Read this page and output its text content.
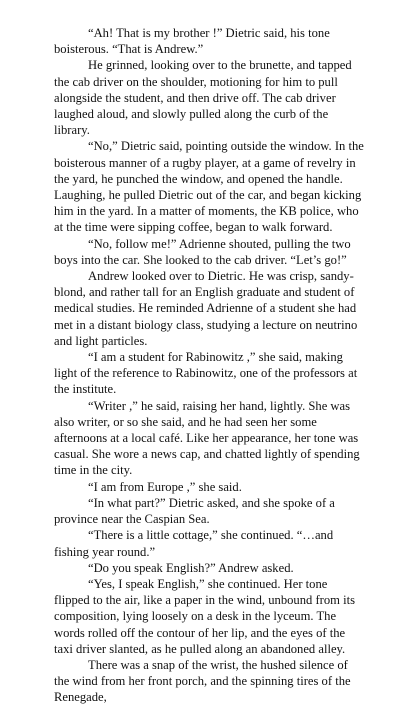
“Ah! That is my brother !” Dietric said, his tone boisterous. “That is Andrew.”

He grinned, looking over to the brunette, and tapped the cab driver on the shoulder, motioning for him to pull alongside the student, and then drive off. The cab driver laughed aloud, and slowly pulled along the curb of the library.

“No,” Dietric said, pointing outside the window. In the boisterous manner of a rugby player, at a game of revelry in the yard, he punched the window, and opened the handle. Laughing, he pulled Dietric out of the car, and began kicking him in the yard. In a matter of moments, the KB police, who at the time were sipping coffee, began to walk forward.

“No, follow me!” Adrienne shouted, pulling the two boys into the car. She looked to the cab driver. “Let’s go!”

Andrew looked over to Dietric. He was crisp, sandy-blond, and rather tall for an English graduate and student of medical studies. He reminded Adrienne of a student she had met in a distant biology class, studying a lecture on neutrino and light particles.

“I am a student for Rabinowitz ,” she said, making light of the reference to Rabinowitz, one of the professors at the institute.

“Writer ,” he said, raising her hand, lightly. She was also writer, or so she said, and he had seen her some afternoons at a local café. Like her appearance, her tone was casual. She wore a news cap, and chatted lightly of spending time in the city.

“I am from Europe ,” she said.

“In what part?” Dietric asked, and she spoke of a province near the Caspian Sea.

“There is a little cottage,” she continued. “…and fishing year round.”

“Do you speak English?” Andrew asked.

“Yes, I speak English,” she continued. Her tone flipped to the air, like a paper in the wind, unbound from its composition, lying loosely on a desk in the lyceum. The words rolled off the contour of her lip, and the eyes of the taxi driver slanted, as he pulled along an abandoned alley.

There was a snap of the wrist, the hushed silence of the wind from her front porch, and the spinning tires of the Renegade,
